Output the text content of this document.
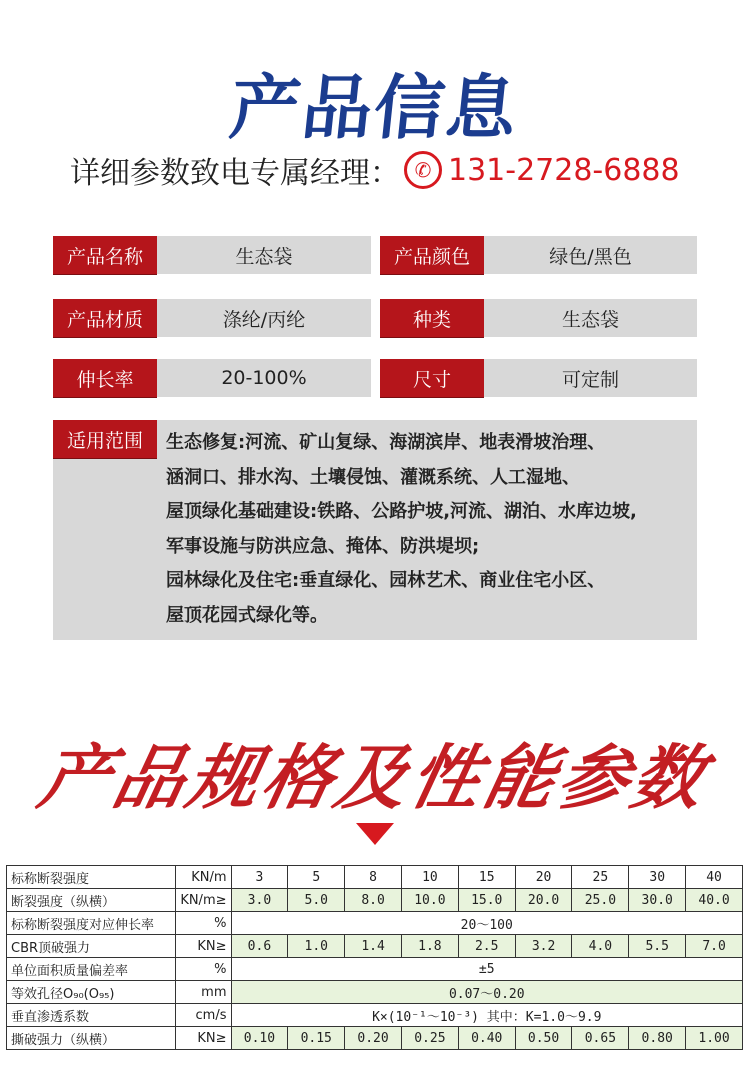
产品信息
详细参数致电专属经理： ✆ 131-2728-6888
产品名称	生态袋	产品颜色	绿色/黑色
产品材质	涤纶/丙纶	种类	生态袋
伸长率	20-100%	尺寸	可定制
适用范围	生态修复:河流、矿山复绿、海湖滨岸、地表滑坡治理、
涵洞口、排水沟、土壤侵蚀、灌溉系统、人工湿地、
屋顶绿化基础建设:铁路、公路护坡,河流、湖泊、水库边坡,
军事设施与防洪应急、掩体、防洪堤坝;
园林绿化及住宅:垂直绿化、园林艺术、商业住宅小区、
屋顶花园式绿化等。
产品规格及性能参数
标称断裂强度	KN/m	3	5	8	10	15	20	25	30	40
断裂强度（纵横）	KN/m≥	3.0	5.0	8.0	10.0	15.0	20.0	25.0	30.0	40.0
标称断裂强度对应伸长率	%	20～100								
CBR顶破强力	KN≥	0.6	1.0	1.4	1.8	2.5	3.2	4.0	5.5	7.0
单位面积质量偏差率	%	±5								
等效孔径O₉₀(O₉₅)	mm	0.07～0.20								
垂直渗透系数	cm/s	K×(10⁻¹～10⁻³) 其中：K=1.0～9.9								
撕破强力（纵横）	KN≥	0.10	0.15	0.20	0.25	0.40	0.50	0.65	0.80	1.00
